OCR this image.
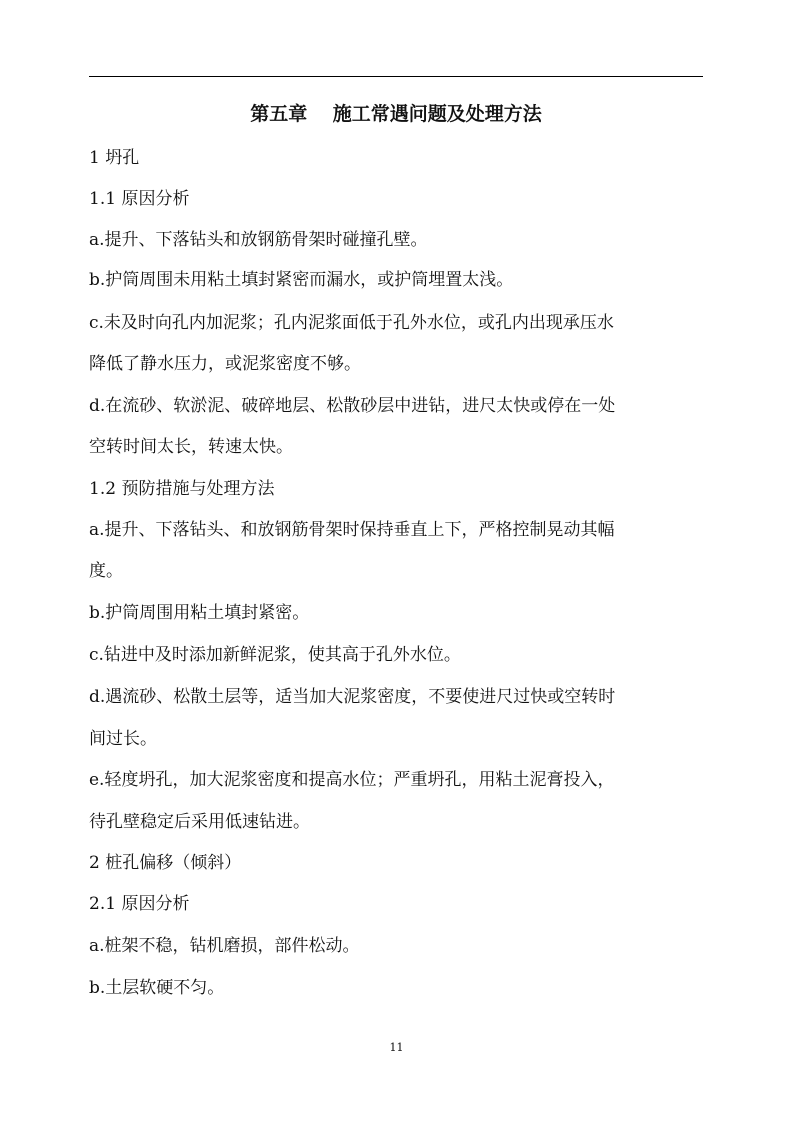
第五章　 施工常遇问题及处理方法
1 坍孔
1.1 原因分析
a.提升、下落钻头和放钢筋骨架时碰撞孔壁。
b.护筒周围未用粘土填封紧密而漏水，或护筒埋置太浅。
c.未及时向孔内加泥浆；孔内泥浆面低于孔外水位，或孔内出现承压水
降低了静水压力，或泥浆密度不够。
d.在流砂、软淤泥、破碎地层、松散砂层中进钻，进尺太快或停在一处
空转时间太长，转速太快。
1.2 预防措施与处理方法
a.提升、下落钻头、和放钢筋骨架时保持垂直上下，严格控制晃动其幅
度。
b.护筒周围用粘土填封紧密。
c.钻进中及时添加新鲜泥浆，使其高于孔外水位。
d.遇流砂、松散土层等，适当加大泥浆密度，不要使进尺过快或空转时
间过长。
e.轻度坍孔，加大泥浆密度和提高水位；严重坍孔，用粘土泥膏投入，
待孔壁稳定后采用低速钻进。
2 桩孔偏移（倾斜）
2.1 原因分析
a.桩架不稳，钻机磨损，部件松动。
b.土层软硬不匀。
11
